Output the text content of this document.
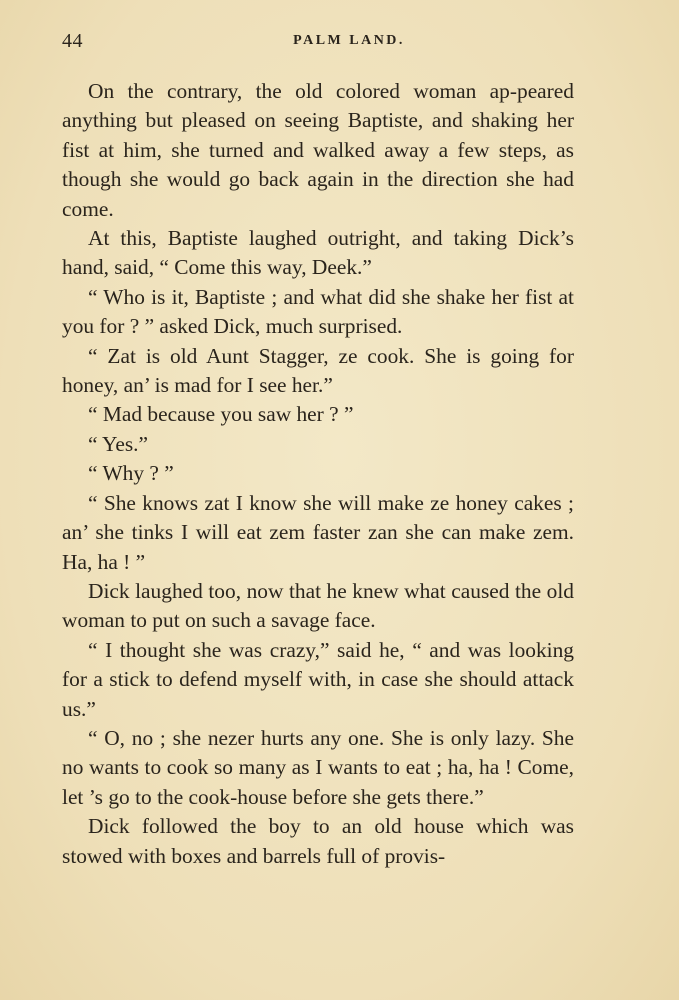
44	PALM LAND.

On the contrary, the old colored woman ap-peared anything but pleased on seeing Baptiste, and shaking her fist at him, she turned and walked away a few steps, as though she would go back again in the direction she had come.

At this, Baptiste laughed outright, and taking Dick’s hand, said, “ Come this way, Deek.”

“ Who is it, Baptiste ; and what did she shake her fist at you for ? ” asked Dick, much surprised.

“ Zat is old Aunt Stagger, ze cook. She is going for honey, an’ is mad for I see her.”

“ Mad because you saw her ? ”

“ Yes.”

“ Why ? ”

“ She knows zat I know she will make ze honey cakes ; an’ she tinks I will eat zem faster zan she can make zem. Ha, ha ! ”

Dick laughed too, now that he knew what caused the old woman to put on such a savage face.

“ I thought she was crazy,” said he, “ and was looking for a stick to defend myself with, in case she should attack us.”

“ O, no ; she nezer hurts any one. She is only lazy. She no wants to cook so many as I wants to eat ; ha, ha ! Come, let ’s go to the cook-house before she gets there.”

Dick followed the boy to an old house which was stowed with boxes and barrels full of provis-
